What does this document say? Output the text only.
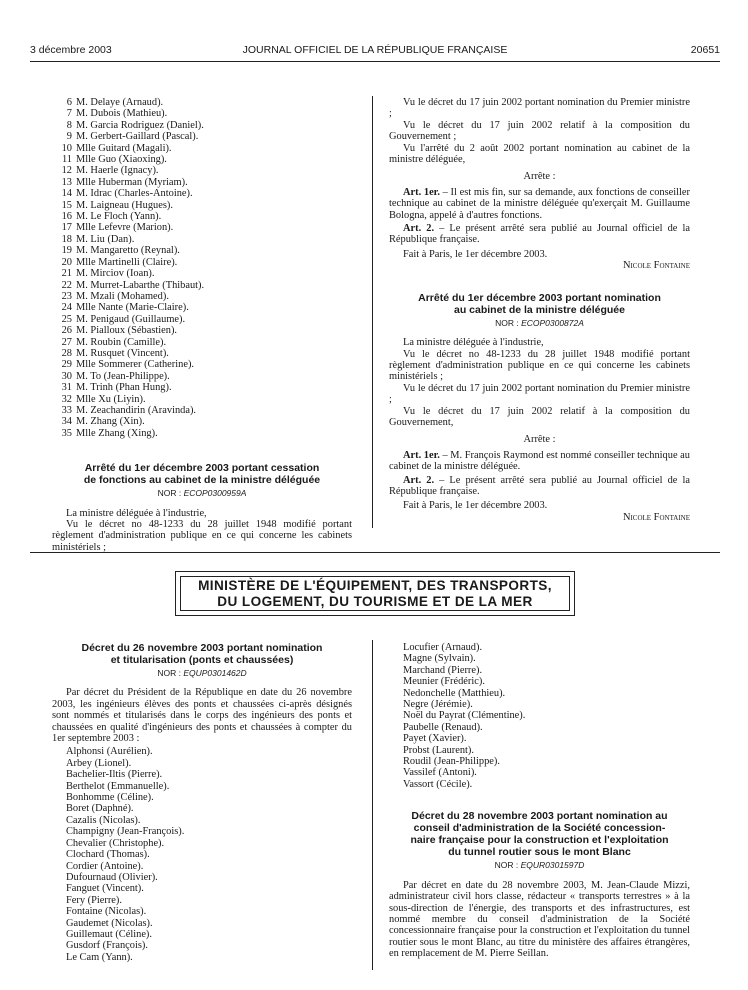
3 décembre 2003	JOURNAL OFFICIEL DE LA RÉPUBLIQUE FRANÇAISE	20651
6 M. Delaye (Arnaud).
7 M. Dubois (Mathieu).
8 M. Garcia Rodriguez (Daniel).
9 M. Gerbert-Gaillard (Pascal).
10 Mlle Guitard (Magali).
11 Mlle Guo (Xiaoxing).
12 M. Haerle (Ignacy).
13 Mlle Huberman (Myriam).
14 M. Idrac (Charles-Antoine).
15 M. Laigneau (Hugues).
16 M. Le Floch (Yann).
17 Mlle Lefevre (Marion).
18 M. Liu (Dan).
19 M. Mangaretto (Reynal).
20 Mlle Martinelli (Claire).
21 M. Mirciov (Ioan).
22 M. Murret-Labarthe (Thibaut).
23 M. Mzali (Mohamed).
24 Mlle Nante (Marie-Claire).
25 M. Penigaud (Guillaume).
26 M. Pialloux (Sébastien).
27 M. Roubin (Camille).
28 M. Rusquet (Vincent).
29 Mlle Sommerer (Catherine).
30 M. To (Jean-Philippe).
31 M. Trinh (Phan Hung).
32 Mlle Xu (Liyin).
33 M. Zeachandirin (Aravinda).
34 M. Zhang (Xin).
35 Mlle Zhang (Xing).
Arrêté du 1er décembre 2003 portant cessation
de fonctions au cabinet de la ministre déléguée
NOR : ECOP0300959A

La ministre déléguée à l'industrie,

Vu le décret no 48-1233 du 28 juillet 1948 modifié portant règlement d'administration publique en ce qui concerne les cabinets ministériels ;

Vu le décret du 17 juin 2002 portant nomination du Premier ministre ;

Vu le décret du 17 juin 2002 relatif à la composition du Gouvernement ;

Vu l'arrêté du 2 août 2002 portant nomination au cabinet de la ministre déléguée,

Arrête :

Art. 1er. – Il est mis fin, sur sa demande, aux fonctions de conseiller technique au cabinet de la ministre déléguée qu'exerçait M. Guillaume Bologna, appelé à d'autres fonctions.

Art. 2. – Le présent arrêté sera publié au Journal officiel de la République française.

Fait à Paris, le 1er décembre 2003.

Nicole Fontaine

Arrêté du 1er décembre 2003 portant nomination
au cabinet de la ministre déléguée
NOR : ECOP0300872A

La ministre déléguée à l'industrie,

Vu le décret no 48-1233 du 28 juillet 1948 modifié portant règlement d'administration publique en ce qui concerne les cabinets ministériels ;

Vu le décret du 17 juin 2002 portant nomination du Premier ministre ;

Vu le décret du 17 juin 2002 relatif à la composition du Gouvernement,

Arrête :

Art. 1er. – M. François Raymond est nommé conseiller technique au cabinet de la ministre déléguée.

Art. 2. – Le présent arrêté sera publié au Journal officiel de la République française.

Fait à Paris, le 1er décembre 2003.

Nicole Fontaine

MINISTÈRE DE L'ÉQUIPEMENT, DES TRANSPORTS,
DU LOGEMENT, DU TOURISME ET DE LA MER
Décret du 26 novembre 2003 portant nomination
et titularisation (ponts et chaussées)
NOR : EQUP0301462D

Par décret du Président de la République en date du 26 novembre 2003, les ingénieurs élèves des ponts et chaussées ci-après désignés sont nommés et titularisés dans le corps des ingénieurs des ponts et chaussées en qualité d'ingénieurs des ponts et chaussées à compter du 1er septembre 2003 :

Alphonsi (Aurélien).
Arbey (Lionel).
Bachelier-Iltis (Pierre).
Berthelot (Emmanuelle).
Bonhomme (Céline).
Boret (Daphné).
Cazalis (Nicolas).
Champigny (Jean-François).
Chevalier (Christophe).
Clochard (Thomas).
Cordier (Antoine).
Dufournaud (Olivier).
Fanguet (Vincent).
Fery (Pierre).
Fontaine (Nicolas).
Gaudemet (Nicolas).
Guillemaut (Céline).
Gusdorf (François).
Le Cam (Yann).
Locufier (Arnaud).
Magne (Sylvain).
Marchand (Pierre).
Meunier (Frédéric).
Nedonchelle (Matthieu).
Negre (Jérémie).
Noël du Payrat (Clémentine).
Paubelle (Renaud).
Payet (Xavier).
Probst (Laurent).
Roudil (Jean-Philippe).
Vassilef (Antoni).
Vassort (Cécile).
Décret du 28 novembre 2003 portant nomination au
conseil d'administration de la Société concession-
naire française pour la construction et l'exploitation
du tunnel routier sous le mont Blanc
NOR : EQUR0301597D

Par décret en date du 28 novembre 2003, M. Jean-Claude Mizzi, administrateur civil hors classe, rédacteur « transports terrestres » à la sous-direction de l'énergie, des transports et des infrastructures, est nommé membre du conseil d'administration de la Société concessionnaire française pour la construction et l'exploitation du tunnel routier sous le mont Blanc, au titre du ministère des affaires étrangères, en remplacement de M. Pierre Seillan.
